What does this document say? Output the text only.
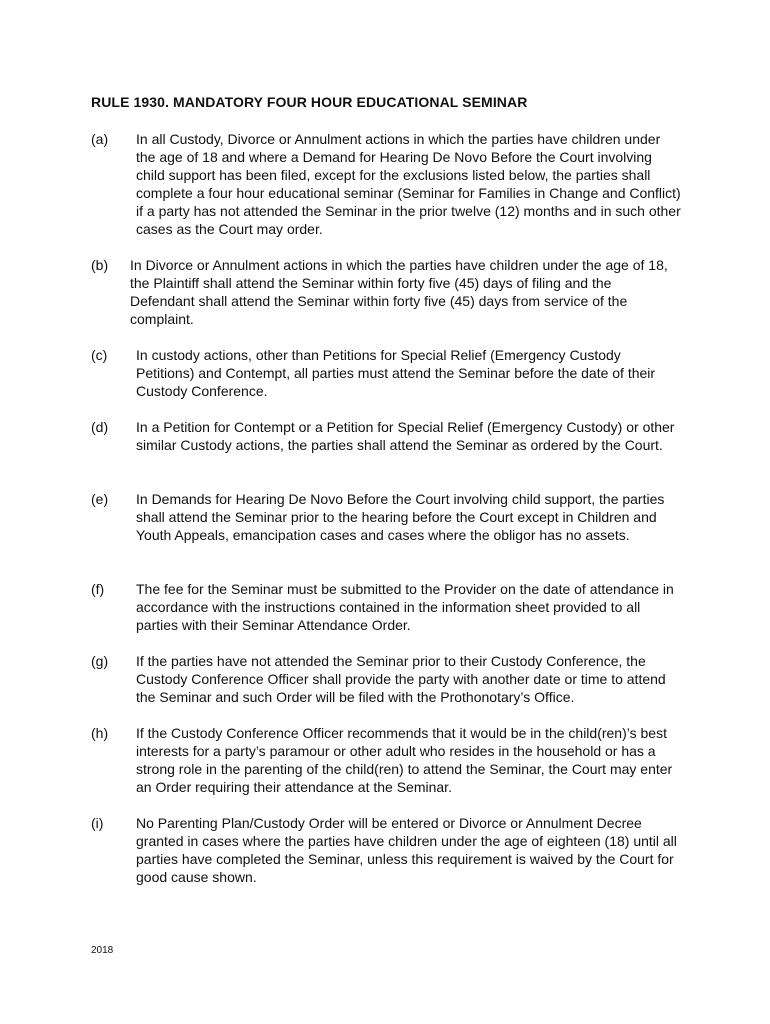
RULE 1930. MANDATORY FOUR HOUR EDUCATIONAL SEMINAR
(a) In all Custody, Divorce or Annulment actions in which the parties have children under the age of 18 and where a Demand for Hearing De Novo Before the Court involving child support has been filed, except for the exclusions listed below, the parties shall complete a four hour educational seminar (Seminar for Families in Change and Conflict) if a party has not attended the Seminar in the prior twelve (12) months and in such other cases as the Court may order.
(b) In Divorce or Annulment actions in which the parties have children under the age of 18, the Plaintiff shall attend the Seminar within forty five (45) days of filing and the Defendant shall attend the Seminar within forty five (45) days from service of the complaint.
(c) In custody actions, other than Petitions for Special Relief (Emergency Custody Petitions) and Contempt, all parties must attend the Seminar before the date of their Custody Conference.
(d) In a Petition for Contempt or a Petition for Special Relief (Emergency Custody) or other similar Custody actions, the parties shall attend the Seminar as ordered by the Court.
(e) In Demands for Hearing De Novo Before the Court involving child support, the parties shall attend the Seminar prior to the hearing before the Court except in Children and Youth Appeals, emancipation cases and cases where the obligor has no assets.
(f) The fee for the Seminar must be submitted to the Provider on the date of attendance in accordance with the instructions contained in the information sheet provided to all parties with their Seminar Attendance Order.
(g) If the parties have not attended the Seminar prior to their Custody Conference, the Custody Conference Officer shall provide the party with another date or time to attend the Seminar and such Order will be filed with the Prothonotary’s Office.
(h) If the Custody Conference Officer recommends that it would be in the child(ren)’s best interests for a party’s paramour or other adult who resides in the household or has a strong role in the parenting of the child(ren) to attend the Seminar, the Court may enter an Order requiring their attendance at the Seminar.
(i) No Parenting Plan/Custody Order will be entered or Divorce or Annulment Decree granted in cases where the parties have children under the age of eighteen (18) until all parties have completed the Seminar, unless this requirement is waived by the Court for good cause shown.
2018
